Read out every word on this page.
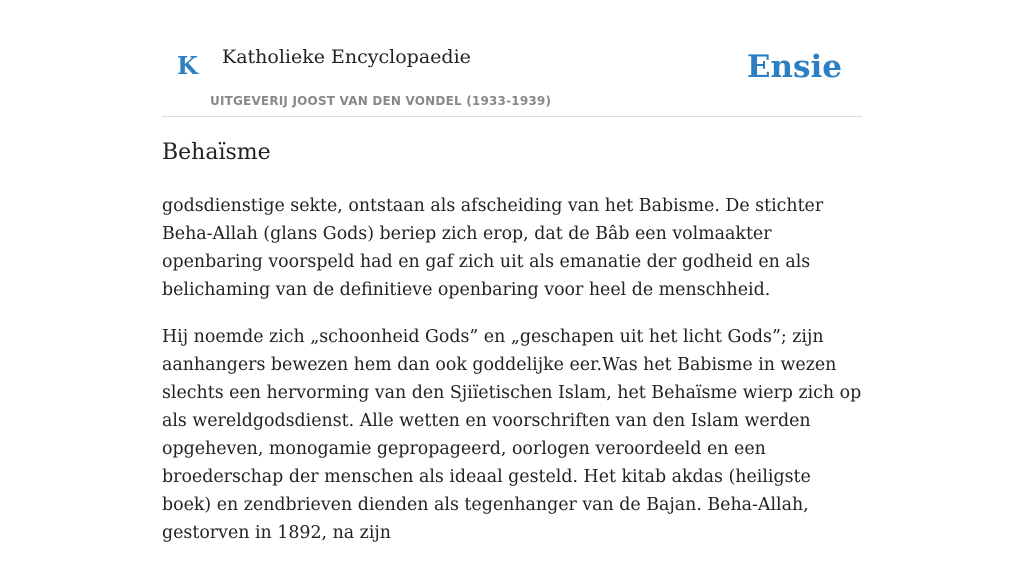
K Katholieke Encyclopaedie
UITGEVERIJ JOOST VAN DEN VONDEL (1933-1939)
Ensie
Behaïsme

godsdienstige sekte, ontstaan als afscheiding van het Babisme. De stichter Beha-Allah (glans Gods) beriep zich erop, dat de Bâb een volmaakter openbaring voorspeld had en gaf zich uit als emanatie der godheid en als belichaming van de definitieve openbaring voor heel de menschheid.

Hij noemde zich „schoonheid Gods” en „geschapen uit het licht Gods”; zijn aanhangers bewezen hem dan ook goddelijke eer.Was het Babisme in wezen slechts een hervorming van den Sjiïetischen Islam, het Behaïsme wierp zich op als wereldgodsdienst. Alle wetten en voorschriften van den Islam werden opgeheven, monogamie gepropageerd, oorlogen veroordeeld en een broederschap der menschen als ideaal gesteld. Het kitab akdas (heiligste boek) en zendbrieven dienden als tegenhanger van de Bajan. Beha-Allah, gestorven in 1892, na zijn
